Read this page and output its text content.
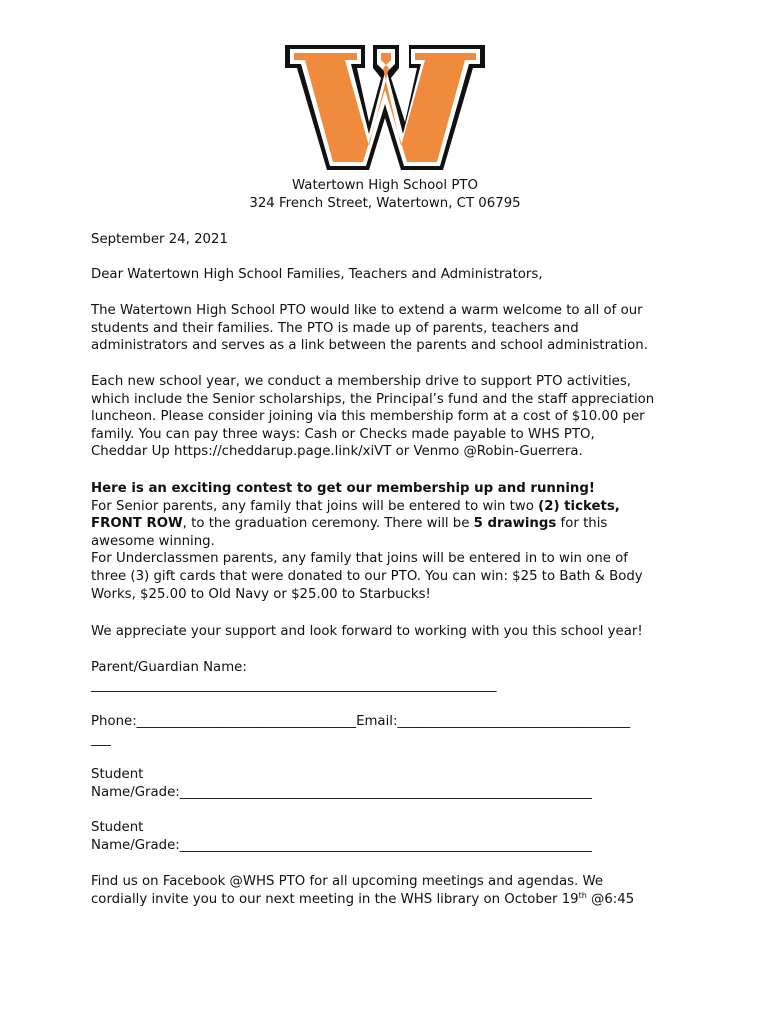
Watertown High School PTO
324 French Street, Watertown, CT 06795
September 24, 2021
Dear Watertown High School Families, Teachers and Administrators,
The Watertown High School PTO would like to extend a warm welcome to all of our
students and their families. The PTO is made up of parents, teachers and
administrators and serves as a link between the parents and school administration.
Each new school year, we conduct a membership drive to support PTO activities,
which include the Senior scholarships, the Principal’s fund and the staff appreciation
luncheon. Please consider joining via this membership form at a cost of $10.00 per
family. You can pay three ways: Cash or Checks made payable to WHS PTO,
Cheddar Up https://cheddarup.page.link/xiVT or Venmo @Robin-Guerrera.
Here is an exciting contest to get our membership up and running!
For Senior parents, any family that joins will be entered to win two (2) tickets,
FRONT ROW, to the graduation ceremony. There will be 5 drawings for this
awesome winning.
For Underclassmen parents, any family that joins will be entered in to win one of
three (3) gift cards that were donated to our PTO. You can win: $25 to Bath & Body
Works, $25.00 to Old Navy or $25.00 to Starbucks!
We appreciate your support and look forward to working with you this school year!
Parent/Guardian Name:
_____________________________________________________________
Phone:_________________________________Email:___________________________________
___
Student
Name/Grade:______________________________________________________________
Student
Name/Grade:______________________________________________________________
Find us on Facebook @WHS PTO for all upcoming meetings and agendas. We
cordially invite you to our next meeting in the WHS library on October 19th @6:45
